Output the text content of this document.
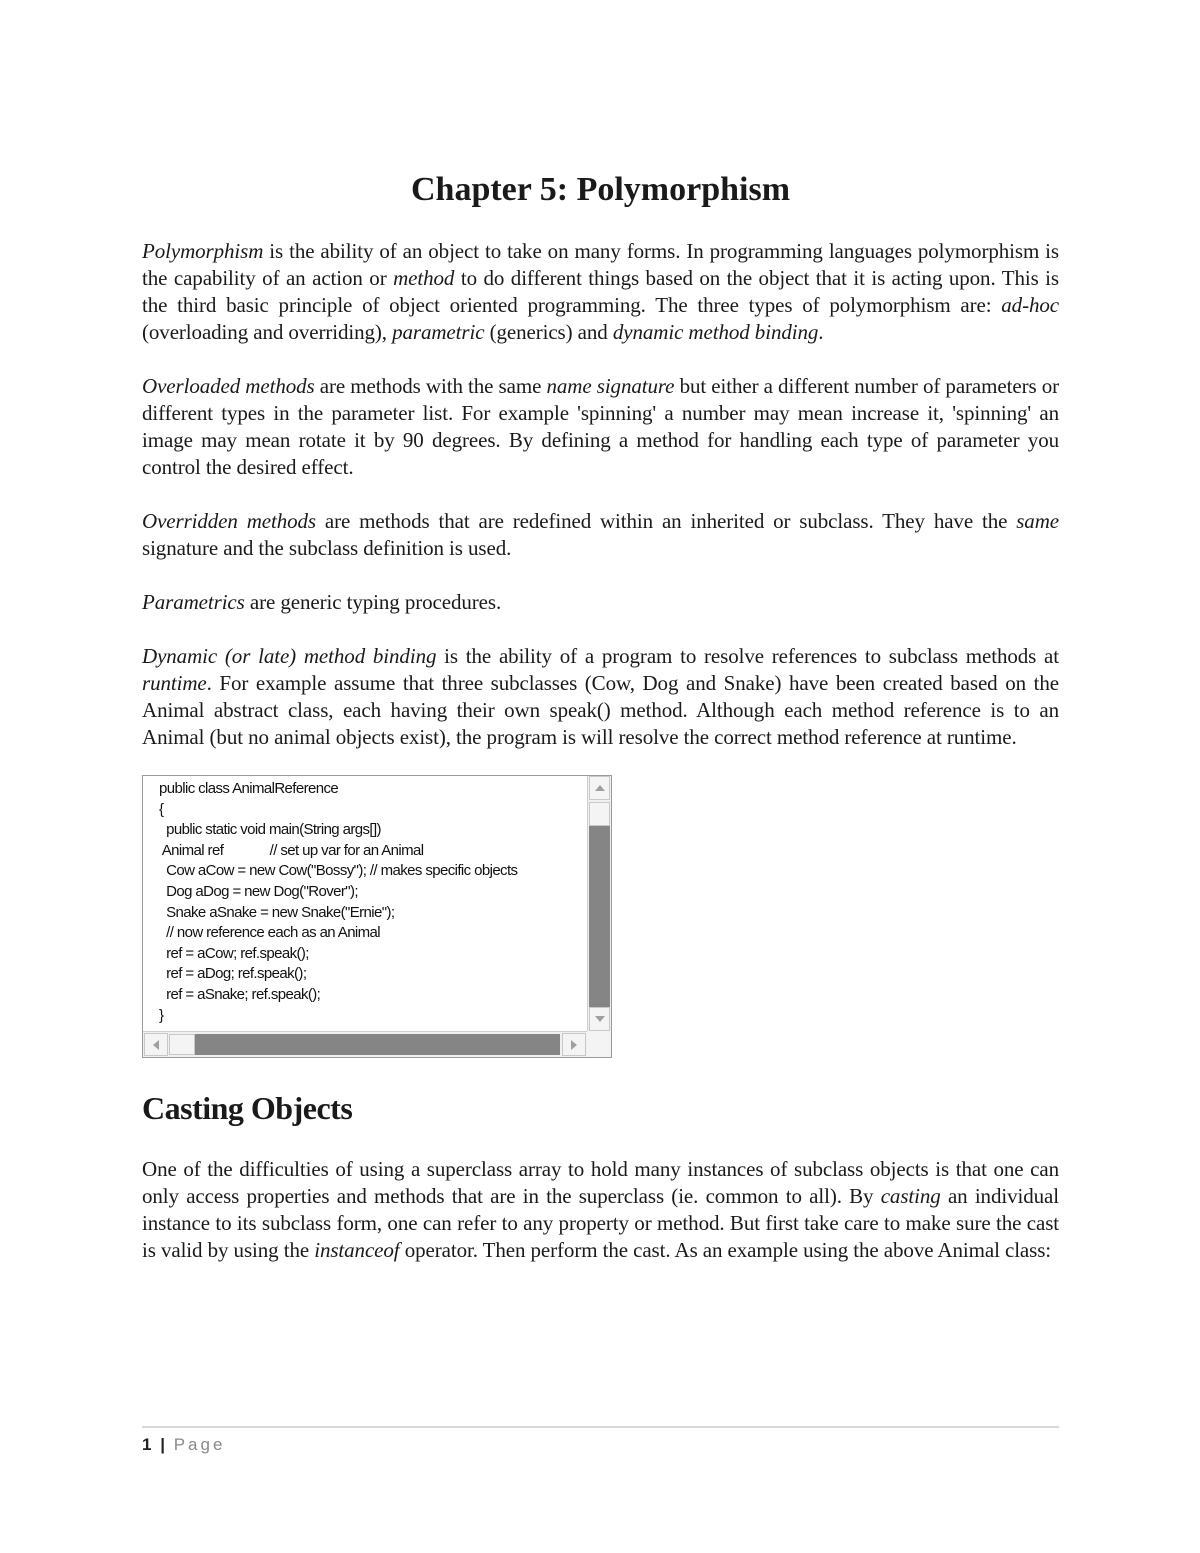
Chapter 5: Polymorphism

Polymorphism is the ability of an object to take on many forms. In programming languages polymorphism is the capability of an action or method to do different things based on the object that it is acting upon. This is the third basic principle of object oriented programming. The three types of polymorphism are: ad-hoc (overloading and overriding), parametric (generics) and dynamic method binding.

Overloaded methods are methods with the same name signature but either a different number of parameters or different types in the parameter list. For example 'spinning' a number may mean increase it, 'spinning' an image may mean rotate it by 90 degrees. By defining a method for handling each type of parameter you control the desired effect.

Overridden methods are methods that are redefined within an inherited or subclass. They have the same signature and the subclass definition is used.

Parametrics are generic typing procedures.

Dynamic (or late) method binding is the ability of a program to resolve references to subclass methods at runtime. For example assume that three subclasses (Cow, Dog and Snake) have been created based on the Animal abstract class, each having their own speak() method. Although each method reference is to an Animal (but no animal objects exist), the program is will resolve the correct method reference at runtime.

public class AnimalReference
{
public static void main(String args[])
Animal ref             // set up var for an Animal
Cow aCow = new Cow("Bossy"); // makes specific objects
Dog aDog = new Dog("Rover");
Snake aSnake = new Snake("Ernie");
// now reference each as an Animal
ref = aCow; ref.speak();
ref = aDog; ref.speak();
ref = aSnake; ref.speak();
}
Casting Objects

One of the difficulties of using a superclass array to hold many instances of subclass objects is that one can only access properties and methods that are in the superclass (ie. common to all). By casting an individual instance to its subclass form, one can refer to any property or method. But first take care to make sure the cast is valid by using the instanceof operator. Then perform the cast. As an example using the above Animal class:

1 | Page
